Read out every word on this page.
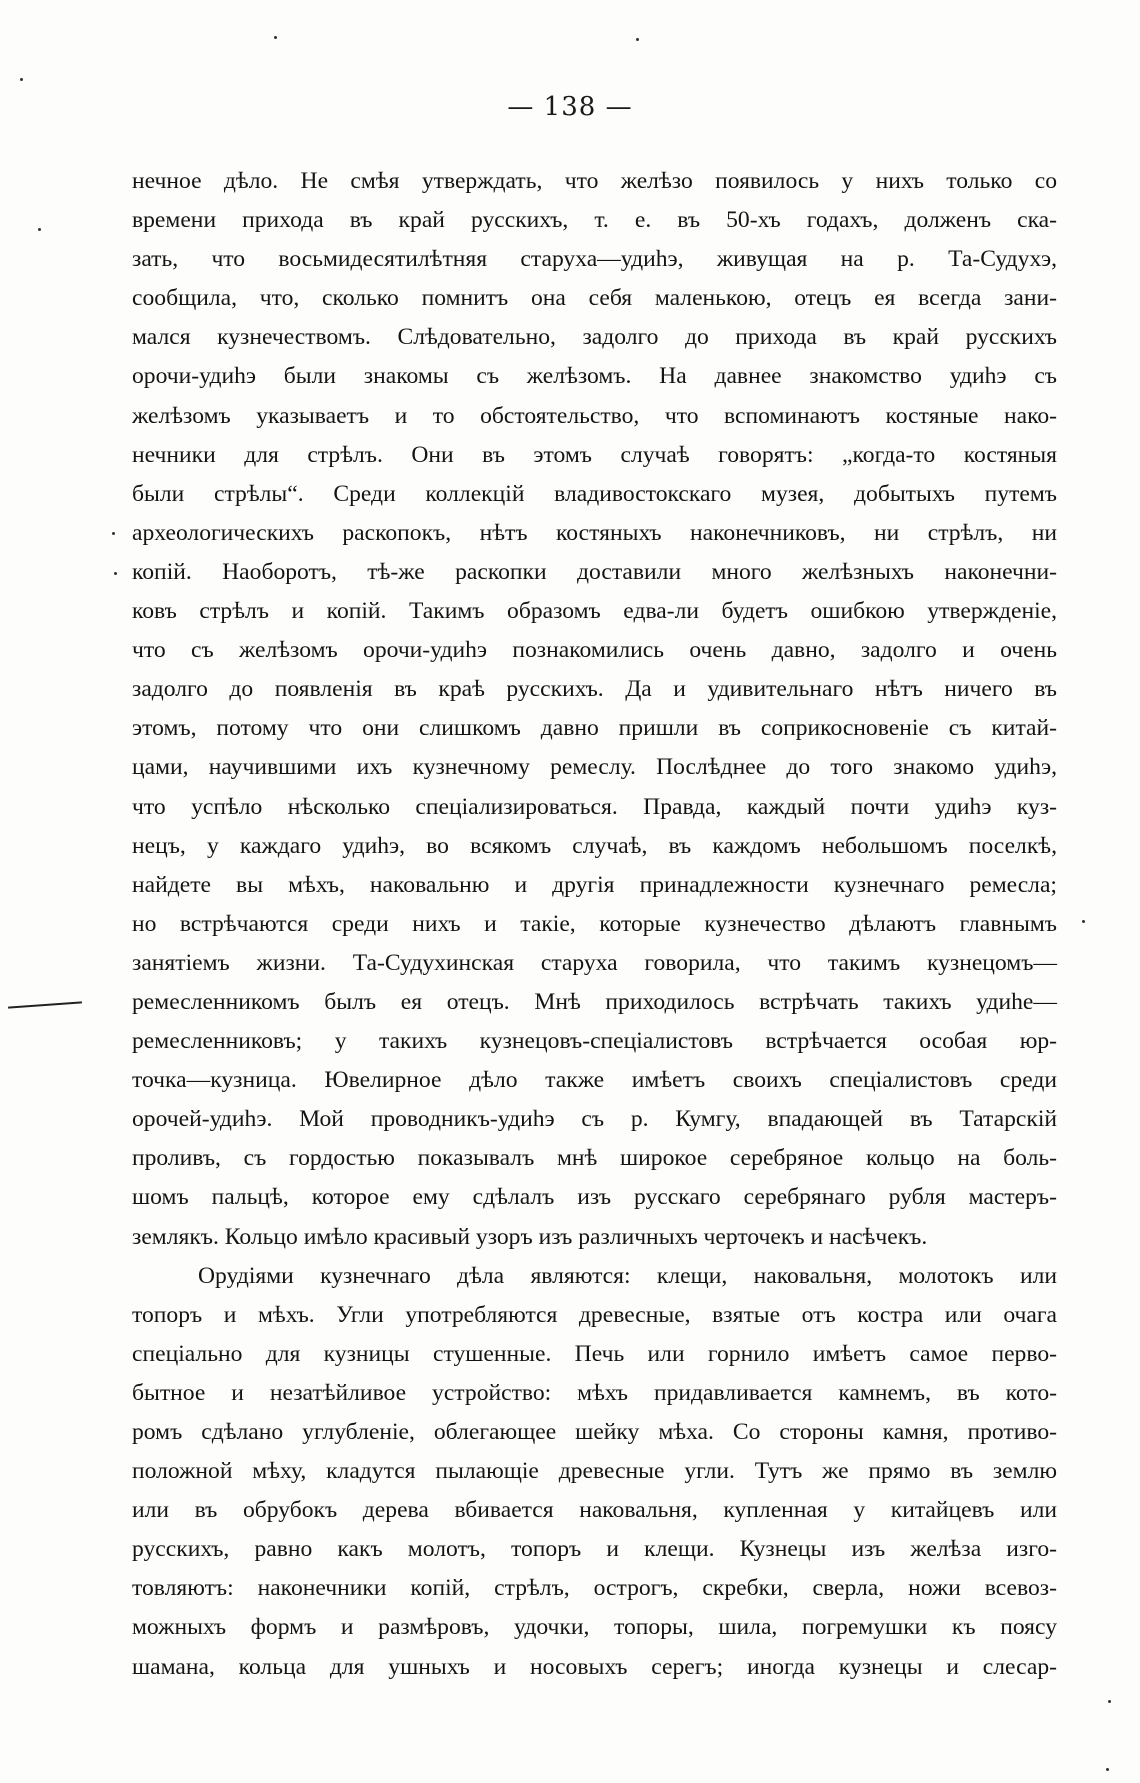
— 138 —
нечное дѣло. Не смѣя утверждать, что желѣзо появилось у нихъ только со
времени прихода въ край русскихъ, т. е. въ 50-хъ годахъ, долженъ ска-
зать, что восьмидесятилѣтняя старуха—удиһэ, живущая на р. Та-Судухэ,
сообщила, что, сколько помнитъ она себя маленькою, отецъ ея всегда зани-
мался кузнечествомъ. Слѣдовательно, задолго до прихода въ край русскихъ
орочи-удиһэ были знакомы съ желѣзомъ. На давнее знакомство удиһэ съ
желѣзомъ указываетъ и то обстоятельство, что вспоминаютъ костяные нако-
нечники для стрѣлъ. Они въ этомъ случаѣ говорятъ: „когда-то костяныя
были стрѣлы“. Среди коллекцій владивостокскаго музея, добытыхъ путемъ
археологическихъ раскопокъ, нѣтъ костяныхъ наконечниковъ, ни стрѣлъ, ни
копій. Наоборотъ, тѣ-же раскопки доставили много желѣзныхъ наконечни-
ковъ стрѣлъ и копій. Такимъ образомъ едва-ли будетъ ошибкою утвержденіе,
что съ желѣзомъ орочи-удиһэ познакомились очень давно, задолго и очень
задолго до появленія въ краѣ русскихъ. Да и удивительнаго нѣтъ ничего въ
этомъ, потому что они слишкомъ давно пришли въ соприкосновеніе съ китай-
цами, научившими ихъ кузнечному ремеслу. Послѣднее до того знакомо удиһэ,
что успѣло нѣсколько спеціализироваться. Правда, каждый почти удиһэ куз-
нецъ, у каждаго удиһэ, во всякомъ случаѣ, въ каждомъ небольшомъ поселкѣ,
найдете вы мѣхъ, наковальню и другія принадлежности кузнечнаго ремесла;
но встрѣчаются среди нихъ и такіе, которые кузнечество дѣлаютъ главнымъ
занятіемъ жизни. Та-Судухинская старуха говорила, что такимъ кузнецомъ—
ремесленникомъ былъ ея отецъ. Мнѣ приходилось встрѣчать такихъ удиһе—
ремесленниковъ; у такихъ кузнецовъ-спеціалистовъ встрѣчается особая юр-
точка—кузница. Ювелирное дѣло также имѣетъ своихъ спеціалистовъ среди
орочей-удиһэ. Мой проводникъ-удиһэ съ р. Кумгу, впадающей въ Татарскій
проливъ, съ гордостью показывалъ мнѣ широкое серебряное кольцо на боль-
шомъ пальцѣ, которое ему сдѣлалъ изъ русскаго серебрянаго рубля мастеръ-
землякъ. Кольцо имѣло красивый узоръ изъ различныхъ черточекъ и насѣчекъ.
Орудіями кузнечнаго дѣла являются: клещи, наковальня, молотокъ или
топоръ и мѣхъ. Угли употребляются древесные, взятые отъ костра или очага
спеціально для кузницы стушенные. Печь или горнило имѣетъ самое перво-
бытное и незатѣйливое устройство: мѣхъ придавливается камнемъ, въ кото-
ромъ сдѣлано углубленіе, облегающее шейку мѣха. Со стороны камня, противо-
положной мѣху, кладутся пылающіе древесные угли. Тутъ же прямо въ землю
или въ обрубокъ дерева вбивается наковальня, купленная у китайцевъ или
русскихъ, равно какъ молотъ, топоръ и клещи. Кузнецы изъ желѣза изго-
товляютъ: наконечники копій, стрѣлъ, острогъ, скребки, сверла, ножи всевоз-
можныхъ формъ и размѣровъ, удочки, топоры, шила, погремушки къ поясу
шамана, кольца для ушныхъ и носовыхъ серегъ; иногда кузнецы и слесар-
